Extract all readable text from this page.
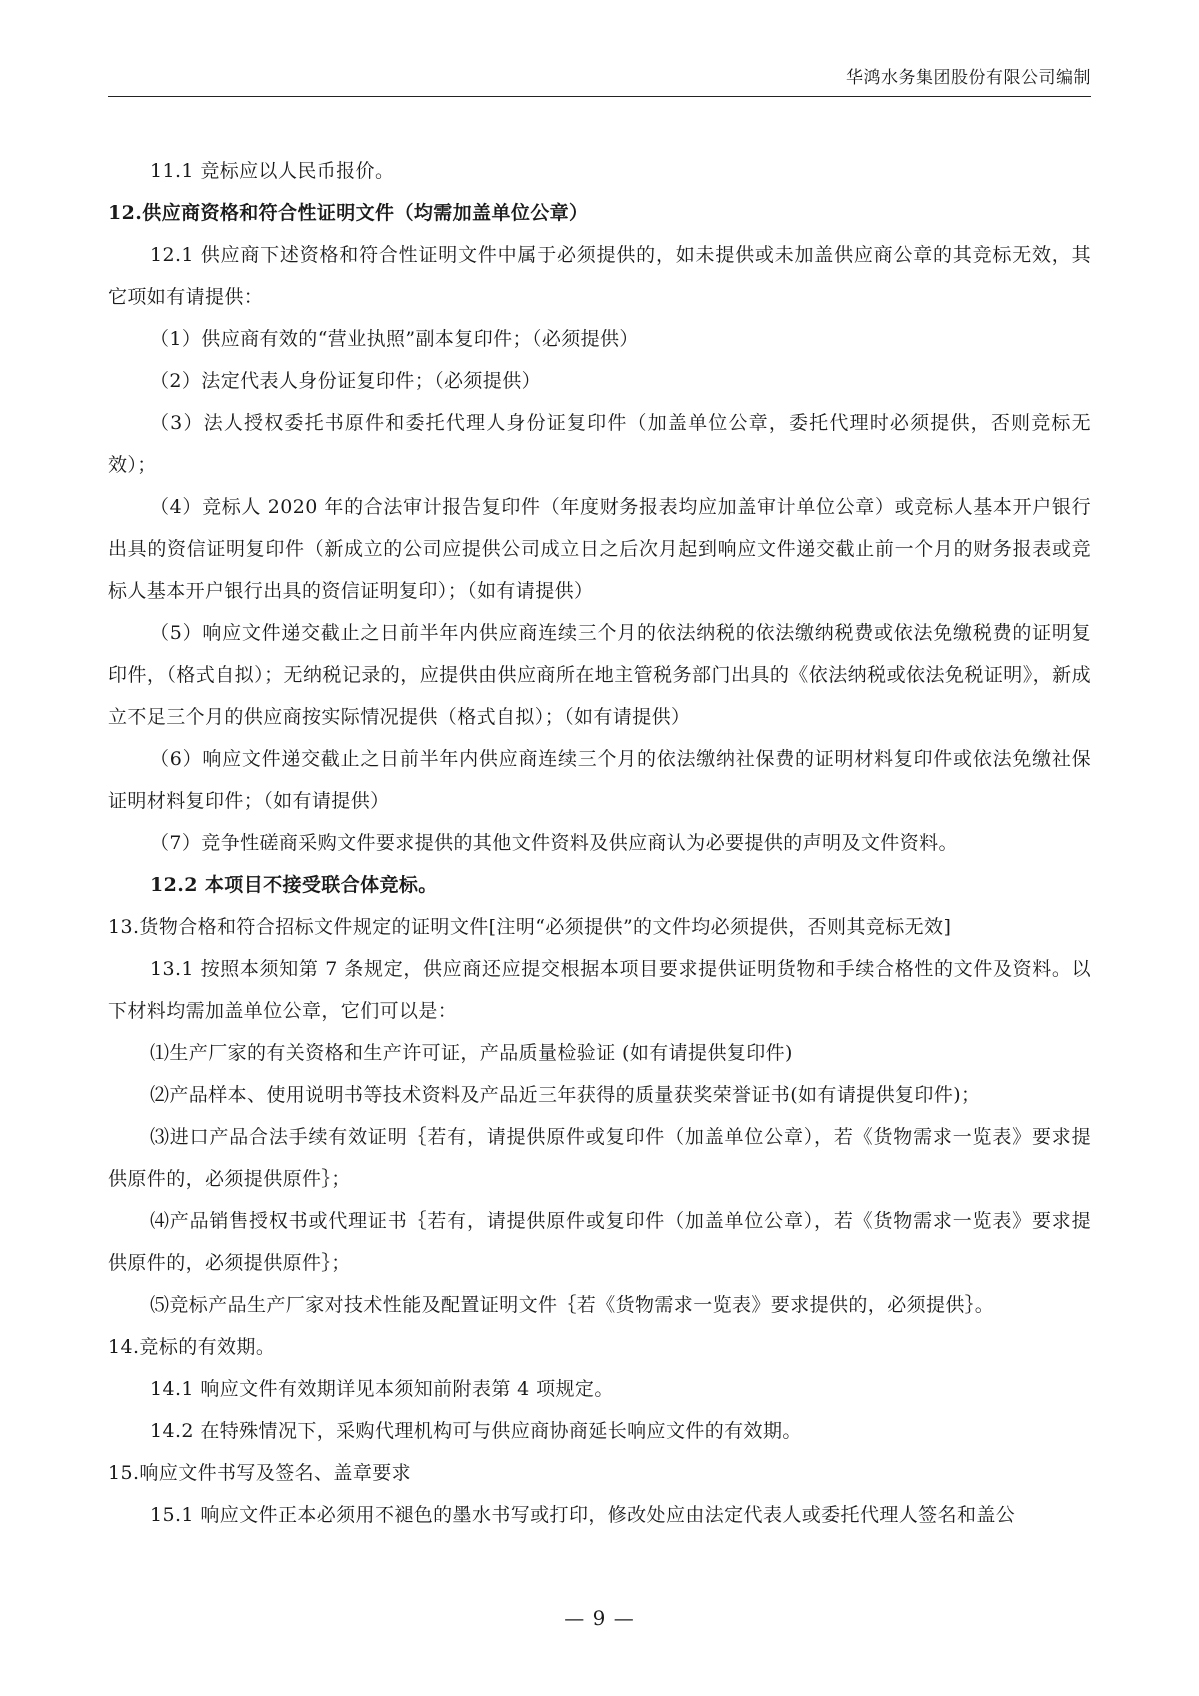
华鸿水务集团股份有限公司编制

11.1 竞标应以人民币报价。

12.供应商资格和符合性证明文件（均需加盖单位公章）

12.1 供应商下述资格和符合性证明文件中属于必须提供的，如未提供或未加盖供应商公章的其竞标无效，其它项如有请提供：

（1）供应商有效的“营业执照”副本复印件；（必须提供）

（2）法定代表人身份证复印件；（必须提供）

（3）法人授权委托书原件和委托代理人身份证复印件（加盖单位公章，委托代理时必须提供，否则竞标无效）；

（4）竞标人 2020 年的合法审计报告复印件（年度财务报表均应加盖审计单位公章）或竞标人基本开户银行出具的资信证明复印件（新成立的公司应提供公司成立日之后次月起到响应文件递交截止前一个月的财务报表或竞标人基本开户银行出具的资信证明复印）；（如有请提供）

（5）响应文件递交截止之日前半年内供应商连续三个月的依法纳税的依法缴纳税费或依法免缴税费的证明复印件，（格式自拟）；无纳税记录的，应提供由供应商所在地主管税务部门出具的《依法纳税或依法免税证明》，新成立不足三个月的供应商按实际情况提供（格式自拟）；（如有请提供）

（6）响应文件递交截止之日前半年内供应商连续三个月的依法缴纳社保费的证明材料复印件或依法免缴社保证明材料复印件；（如有请提供）

（7）竞争性磋商采购文件要求提供的其他文件资料及供应商认为必要提供的声明及文件资料。

12.2 本项目不接受联合体竞标。

13.货物合格和符合招标文件规定的证明文件[注明“必须提供”的文件均必须提供，否则其竞标无效]

13.1 按照本须知第 7 条规定，供应商还应提交根据本项目要求提供证明货物和手续合格性的文件及资料。以下材料均需加盖单位公章，它们可以是：

⑴生产厂家的有关资格和生产许可证，产品质量检验证 (如有请提供复印件)

⑵产品样本、使用说明书等技术资料及产品近三年获得的质量获奖荣誉证书(如有请提供复印件)；

⑶进口产品合法手续有效证明｛若有，请提供原件或复印件（加盖单位公章），若《货物需求一览表》要求提供原件的，必须提供原件｝；

⑷产品销售授权书或代理证书｛若有，请提供原件或复印件（加盖单位公章），若《货物需求一览表》要求提供原件的，必须提供原件｝；

⑸竞标产品生产厂家对技术性能及配置证明文件｛若《货物需求一览表》要求提供的，必须提供｝。

14.竞标的有效期。

14.1 响应文件有效期详见本须知前附表第 4 项规定。

14.2 在特殊情况下，采购代理机构可与供应商协商延长响应文件的有效期。

15.响应文件书写及签名、盖章要求

15.1 响应文件正本必须用不褪色的墨水书写或打印，修改处应由法定代表人或委托代理人签名和盖公

— 9 —
